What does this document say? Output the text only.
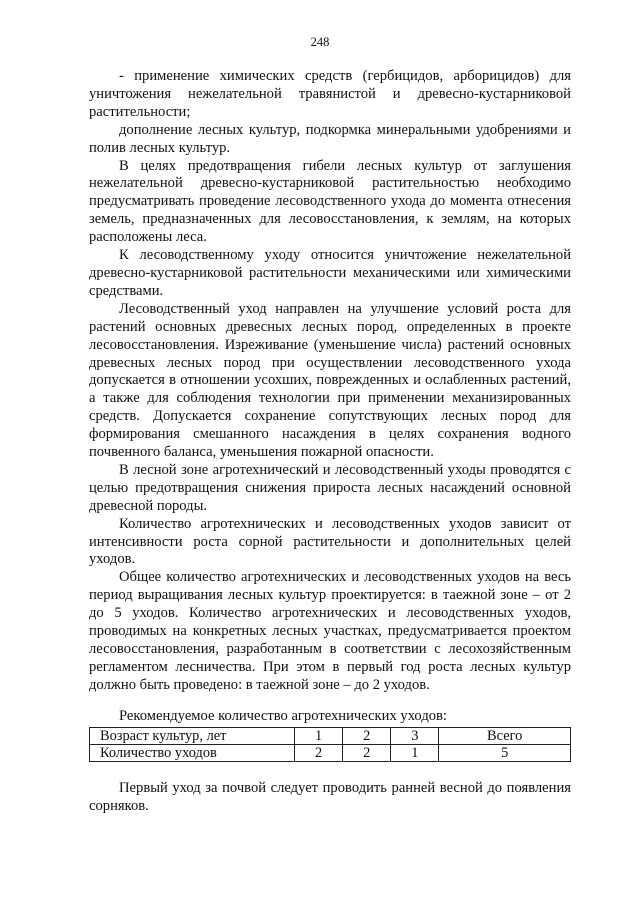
248

- применение химических средств (гербицидов, арборицидов) для уничтожения нежелательной травянистой и древесно-кустарниковой растительности;

дополнение лесных культур, подкормка минеральными удобрениями и полив лесных культур.

В целях предотвращения гибели лесных культур от заглушения нежелательной древесно-кустарниковой растительностью необходимо предусматривать проведение лесоводственного ухода до момента отнесения земель, предназначенных для лесовосстановления, к землям, на которых расположены леса.

К лесоводственному уходу относится уничтожение нежелательной древесно-кустарниковой растительности механическими или химическими средствами.

Лесоводственный уход направлен на улучшение условий роста для растений основных древесных лесных пород, определенных в проекте лесовосстановления. Изреживание (уменьшение числа) растений основных древесных лесных пород при осуществлении лесоводственного ухода допускается в отношении усохших, поврежденных и ослабленных растений, а также для соблюдения технологии при применении механизированных средств. Допускается сохранение сопутствующих лесных пород для формирования смешанного насаждения в целях сохранения водного почвенного баланса, уменьшения пожарной опасности.

В лесной зоне агротехнический и лесоводственный уходы проводятся с целью предотвращения снижения прироста лесных насаждений основной древесной породы.

Количество агротехнических и лесоводственных уходов зависит от интенсивности роста сорной растительности и дополнительных целей уходов.

Общее количество агротехнических и лесоводственных уходов на весь период выращивания лесных культур проектируется: в таежной зоне – от 2 до 5 уходов. Количество агротехнических и лесоводственных уходов, проводимых на конкретных лесных участках, предусматривается проектом лесовосстановления, разработанным в соответствии с лесохозяйственным регламентом лесничества. При этом в первый год роста лесных культур должно быть проведено: в таежной зоне – до 2 уходов.

Рекомендуемое количество агротехнических уходов:
Возраст культур, лет	1	2	3	Всего
Количество уходов	2	2	1	5

Первый уход за почвой следует проводить ранней весной до появления сорняков.
